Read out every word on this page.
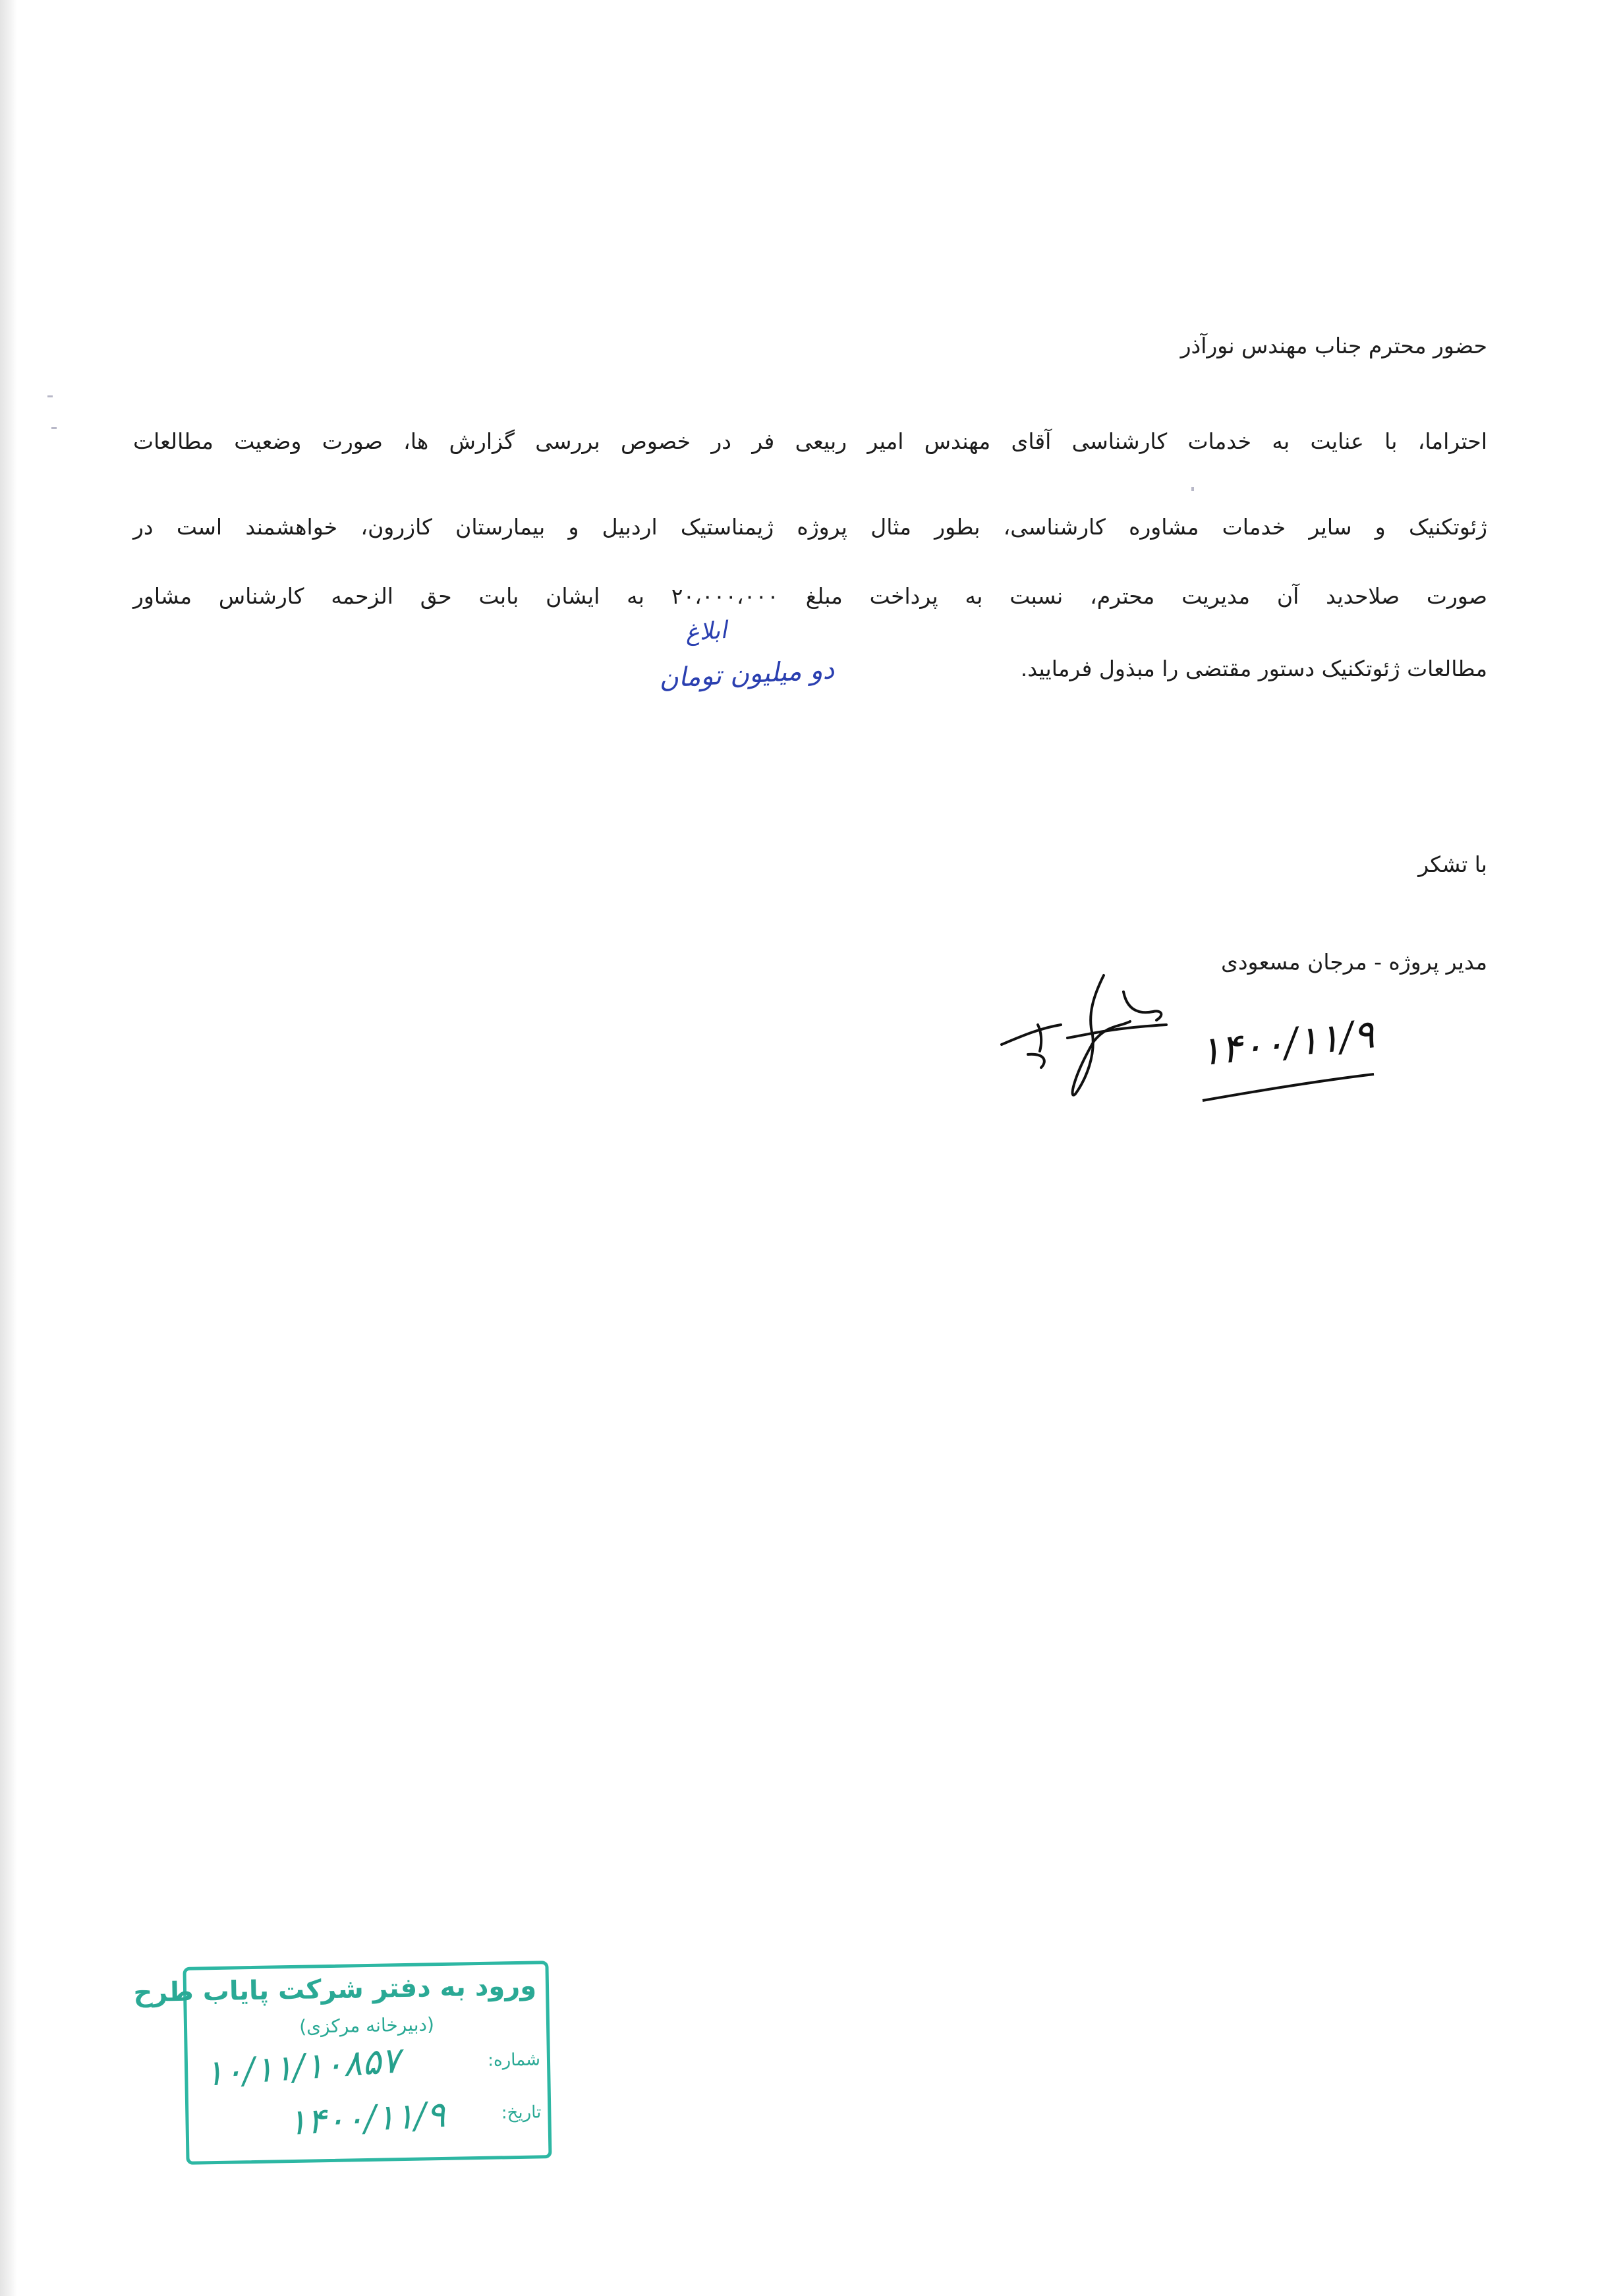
حضور محترم جناب مهندس نورآذر
احتراما، با عنایت به خدمات کارشناسی آقای مهندس امیر ربیعی فر در خصوص بررسی گزارش ها، صورت وضعیت مطالعات
ژئوتکنیک و سایر خدمات مشاوره کارشناسی، بطور مثال پروژه ژیمناستیک اردبیل و بیمارستان کازرون، خواهشمند است در
صورت صلاحدید آن مدیریت محترم، نسبت به پرداخت مبلغ ۲۰،۰۰۰،۰۰۰ به ایشان بابت حق الزحمه کارشناس مشاور
مطالعات ژئوتکنیک دستور مقتضی را مبذول فرمایید.
ابلاغ
دو میلیون تومان
با تشکر
مدیر پروژه - مرجان مسعودی
۱۴۰۰/۱۱/۹
ورود به دفتر شرکت پایاب طرح
(دبیرخانه مرکزی)
شماره:
۱۰/۱۱/۱۰۸۵۷
تاریخ:
۱۴۰۰/۱۱/۹
